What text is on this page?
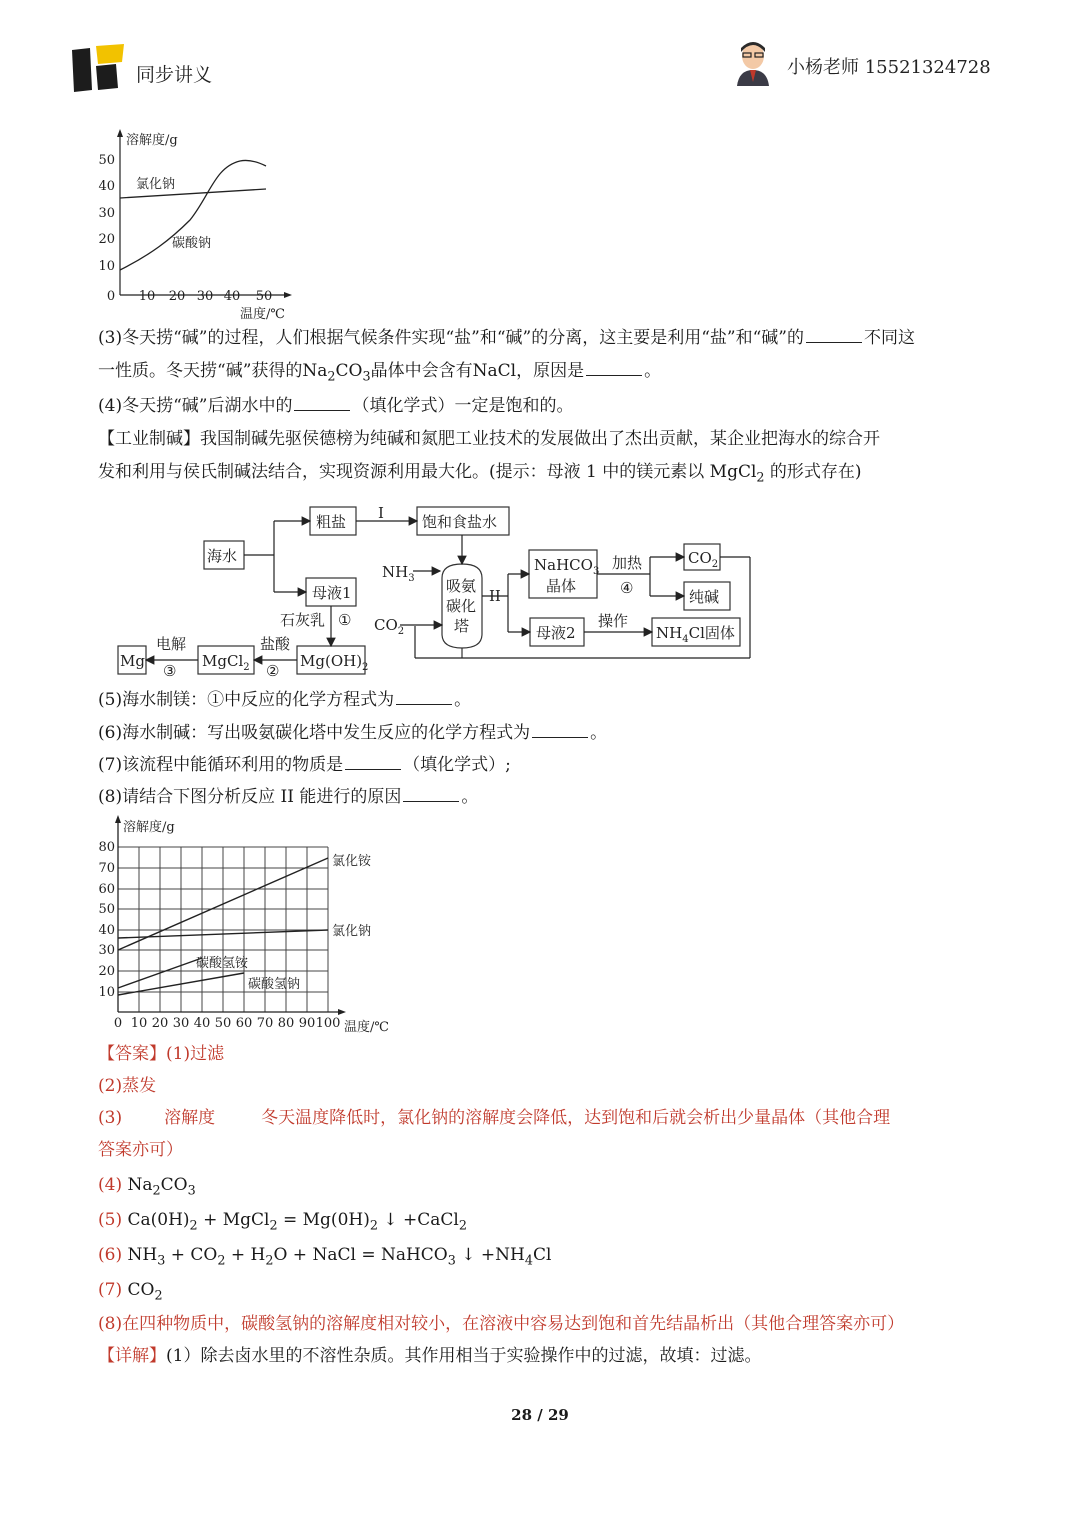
同步讲义	小杨老师 15521324728
溶解度/g
温度/℃
10
20
30
40
50
0 10 20 30 40 50
氯化钠
碳酸钠
(3)冬天捞“碱”的过程，人们根据气候条件实现“盐”和“碱”的分离，这主要是利用“盐”和“碱”的	不同这
一性质。冬天捞“碱”获得的$Na_2CO_3$晶体中会含有NaCl，原因是	。
(4)冬天捞“碱”后湖水中的	（填化学式）一定是饱和的。
【工业制碱】我国制碱先驱侯德榜为纯碱和氮肥工业技术的发展做出了杰出贡献，某企业把海水的综合开
发和利用与侯氏制碱法结合，实现资源利用最大化。(提示：母液 1 中的镁元素以 MgCl$_2$ 的形式存在)
海水
粗盐	饱和食盐水
母液1
NaHCO$_3$
晶体
$CO_2$
纯碱
母液2	$NH_4Cl$固体
$Mg(OH)_2$
MgCl$_2$
Mg
吸氨
碳化
塔
I
$NH_3$
$CO_2$
II
加热
④
操作
石灰乳 ①
盐酸
②
电解
③
(5)海水制镁：①中反应的化学方程式为	。
(6)海水制碱：写出吸氨碳化塔中发生反应的化学方程式为	。
(7)该流程中能循环利用的物质是	（填化学式）;
(8)请结合下图分析反应 II 能进行的原因	。
溶解度/g
温度/℃
10
20
30
40
50
60
70
80
0 10 20 30 40 50 60 70 80 90 100
氯化铵
氯化钠
碳酸氢铵
碳酸氢钠
【答案】(1)过滤
(2)蒸发
(3) 溶解度	冬天温度降低时，氯化钠的溶解度会降低，达到饱和后就会析出少量晶体（其他合理
答案亦可）
(4) $Na_2CO_3$
(5) $Ca(0H)_2$ + MgCl$_2$ = $Mg(0H)_2$ ↓ +CaCl$_2$
(6) $NH_3 + CO_2 + H_2O$ + NaCl = NaHCO$_3$ ↓ $+NH_4Cl$
(7) $CO_2$
(8)在四种物质中，碳酸氢钠的溶解度相对较小，在溶液中容易达到饱和首先结晶析出（其他合理答案亦可）
【详解】(1）除去卤水里的不溶性杂质。其作用相当于实验操作中的过滤，故填：过滤。
28 / 29
